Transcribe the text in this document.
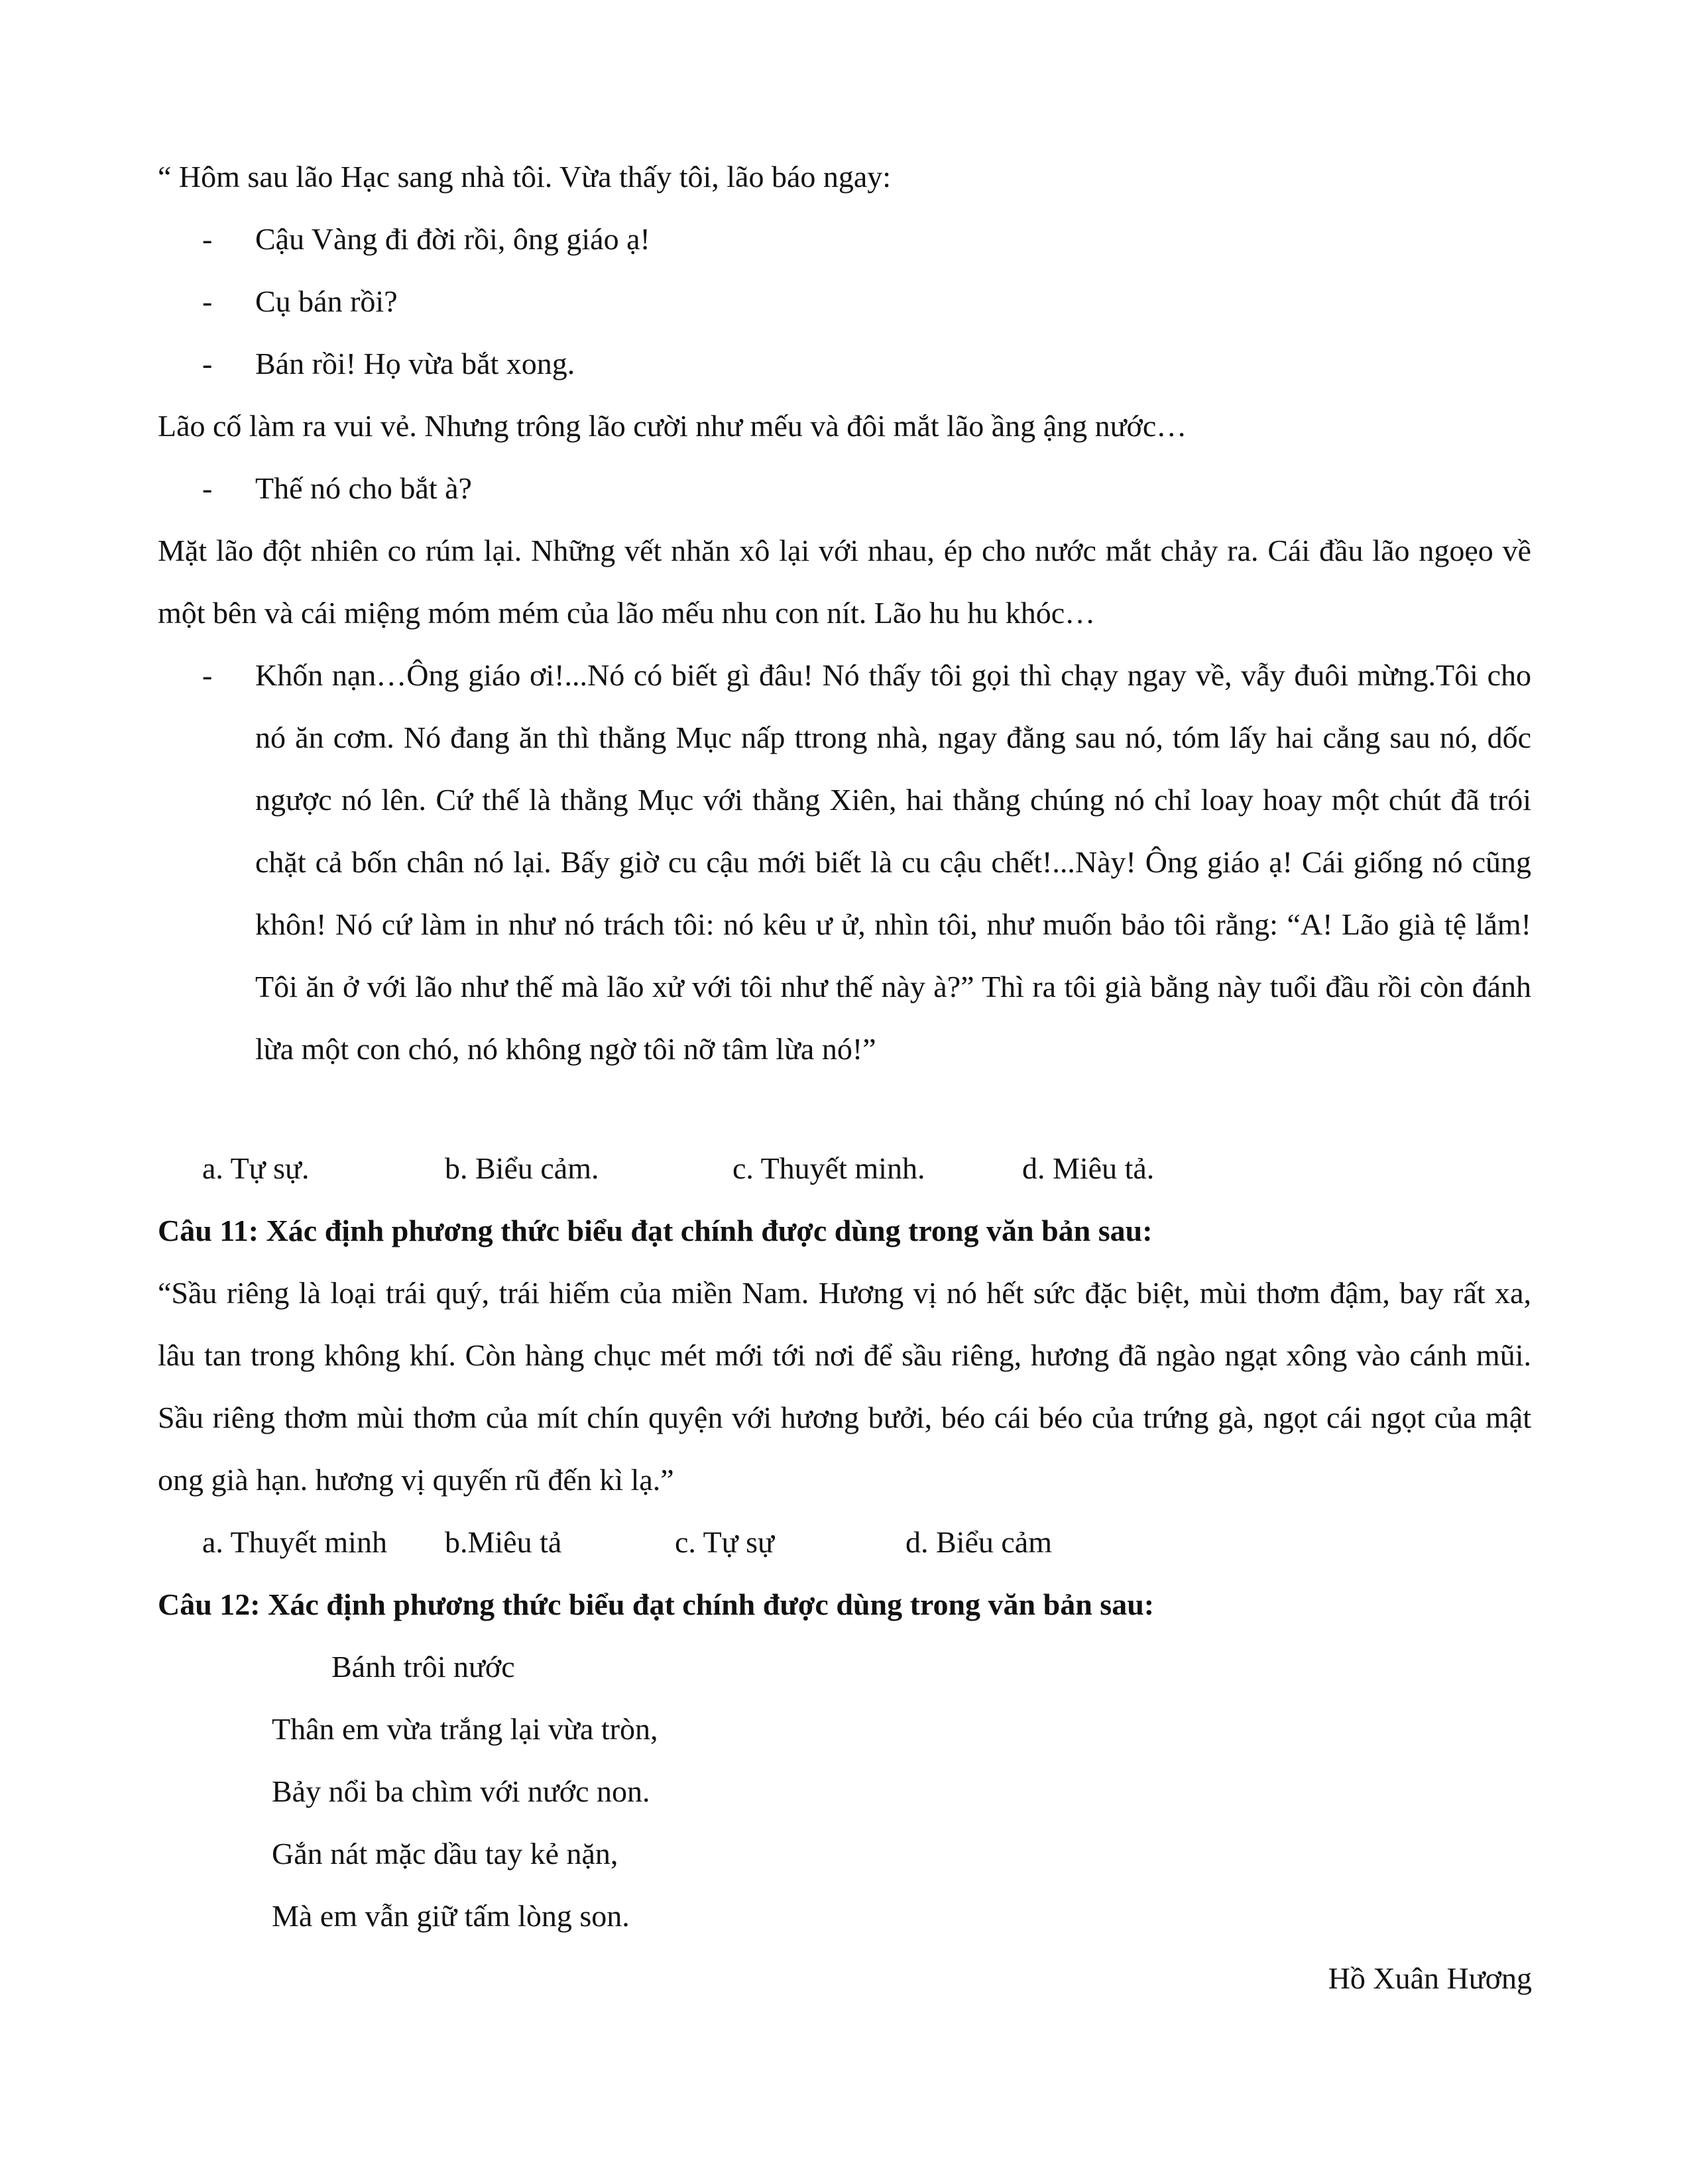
“ Hôm sau lão Hạc sang nhà tôi. Vừa thấy tôi, lão báo ngay:
- Cậu Vàng đi đời rồi, ông giáo ạ!
- Cụ bán rồi?
- Bán rồi! Họ vừa bắt xong.
Lão cố làm ra vui vẻ. Nhưng trông lão cười như mếu và đôi mắt lão ầng ậng nước…
- Thế nó cho bắt à?
Mặt lão đột nhiên co rúm lại. Những vết nhăn xô lại với nhau, ép cho nước mắt chảy ra. Cái đầu lão ngoẹo về một bên và cái miệng móm mém của lão mếu nhu con nít. Lão hu hu khóc…
- Khốn nạn…Ông giáo ơi!...Nó có biết gì đâu! Nó thấy tôi gọi thì chạy ngay về, vẫy đuôi mừng.Tôi cho nó ăn cơm. Nó đang ăn thì thằng Mục nấp ttrong nhà, ngay đằng sau nó, tóm lấy hai cẳng sau nó, dốc ngược nó lên. Cứ thế là thằng Mục với thằng Xiên, hai thằng chúng nó chỉ loay hoay một chút đã trói chặt cả bốn chân nó lại. Bấy giờ cu cậu mới biết là cu cậu chết!...Này! Ông giáo ạ! Cái giống nó cũng khôn! Nó cứ làm in như nó trách tôi: nó kêu ư ử, nhìn tôi, như muốn bảo tôi rằng: “A! Lão già tệ lắm! Tôi ăn ở với lão như thế mà lão xử với tôi như thế này à?” Thì ra tôi già bằng này tuổi đầu rồi còn đánh lừa một con chó, nó không ngờ tôi nỡ tâm lừa nó!”
a. Tự sự.	b. Biểu cảm.	c. Thuyết minh.	d. Miêu tả.
Câu 11: Xác định phương thức biểu đạt chính được dùng trong văn bản sau:
“Sầu riêng là loại trái quý, trái hiếm của miền Nam. Hương vị nó hết sức đặc biệt, mùi thơm đậm, bay rất xa, lâu tan trong không khí. Còn hàng chục mét mới tới nơi để sầu riêng, hương đã ngào ngạt xông vào cánh mũi. Sầu riêng thơm mùi thơm của mít chín quyện với hương bưởi, béo cái béo của trứng gà, ngọt cái ngọt của mật ong già hạn. hương vị quyến rũ đến kì lạ.”
a. Thuyết minh b.Miêu tả	c. Tự sự	d. Biểu cảm
Câu 12: Xác định phương thức biểu đạt chính được dùng trong văn bản sau:
Bánh trôi nước
Thân em vừa trắng lại vừa tròn,
Bảy nổi ba chìm với nước non.
Gắn nát mặc dầu tay kẻ nặn,
Mà em vẫn giữ tấm lòng son.
Hồ Xuân Hương
